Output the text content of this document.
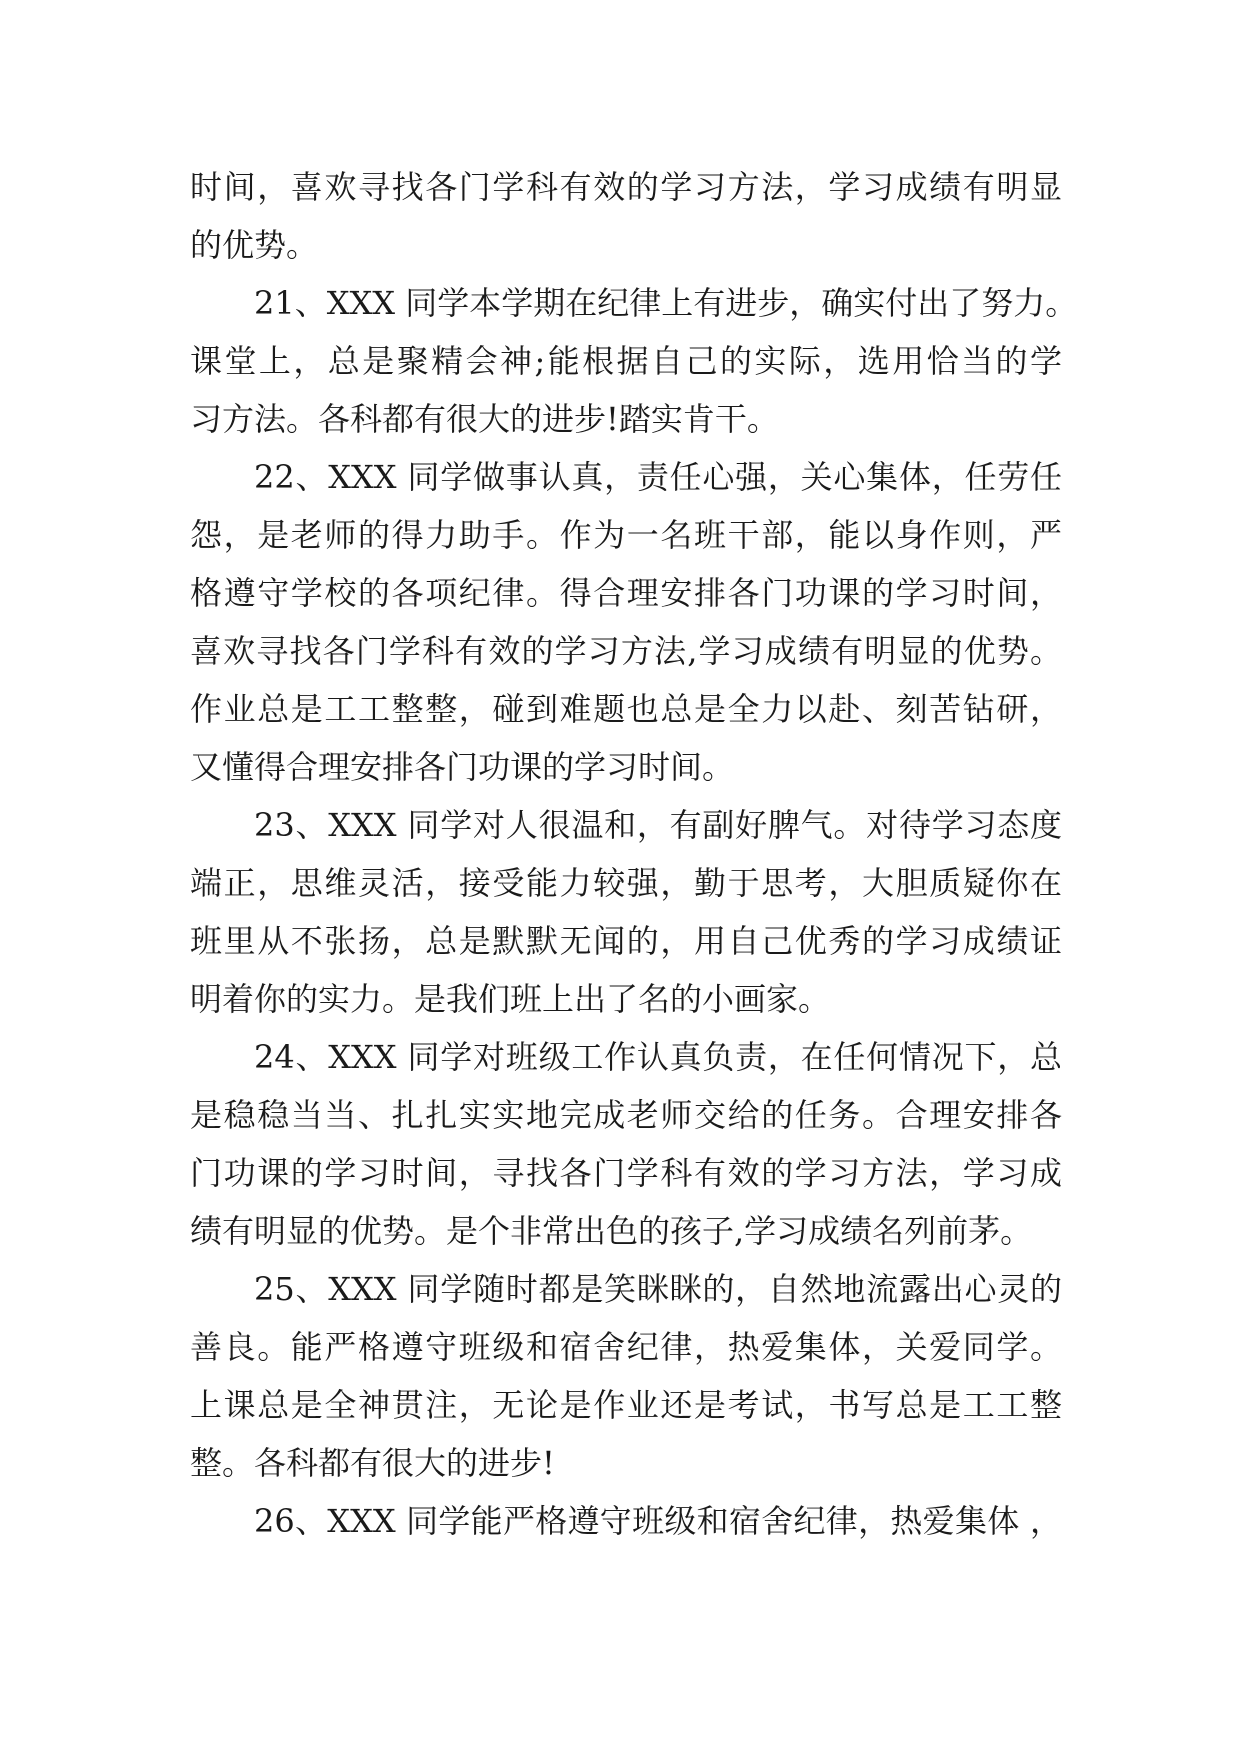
时间，喜欢寻找各门学科有效的学习方法，学习成绩有明显
的优势。
21、XXX 同学本学期在纪律上有进步，确实付出了努力。
课堂上，总是聚精会神;能根据自己的实际，选用恰当的学
习方法。各科都有很大的进步!踏实肯干。
22、XXX 同学做事认真，责任心强，关心集体，任劳任
怨，是老师的得力助手。作为一名班干部，能以身作则，严
格遵守学校的各项纪律。得合理安排各门功课的学习时间，
喜欢寻找各门学科有效的学习方法,学习成绩有明显的优势。
作业总是工工整整，碰到难题也总是全力以赴、刻苦钻研，
又懂得合理安排各门功课的学习时间。
23、XXX 同学对人很温和，有副好脾气。对待学习态度
端正，思维灵活，接受能力较强，勤于思考，大胆质疑你在
班里从不张扬，总是默默无闻的，用自己优秀的学习成绩证
明着你的实力。是我们班上出了名的小画家。
24、XXX 同学对班级工作认真负责，在任何情况下，总
是稳稳当当、扎扎实实地完成老师交给的任务。合理安排各
门功课的学习时间，寻找各门学科有效的学习方法，学习成
绩有明显的优势。是个非常出色的孩子,学习成绩名列前茅。
25、XXX 同学随时都是笑眯眯的，自然地流露出心灵的
善良。能严格遵守班级和宿舍纪律，热爱集体，关爱同学。
上课总是全神贯注，无论是作业还是考试，书写总是工工整
整。各科都有很大的进步!
26、XXX 同学能严格遵守班级和宿舍纪律，热爱集体 ，
